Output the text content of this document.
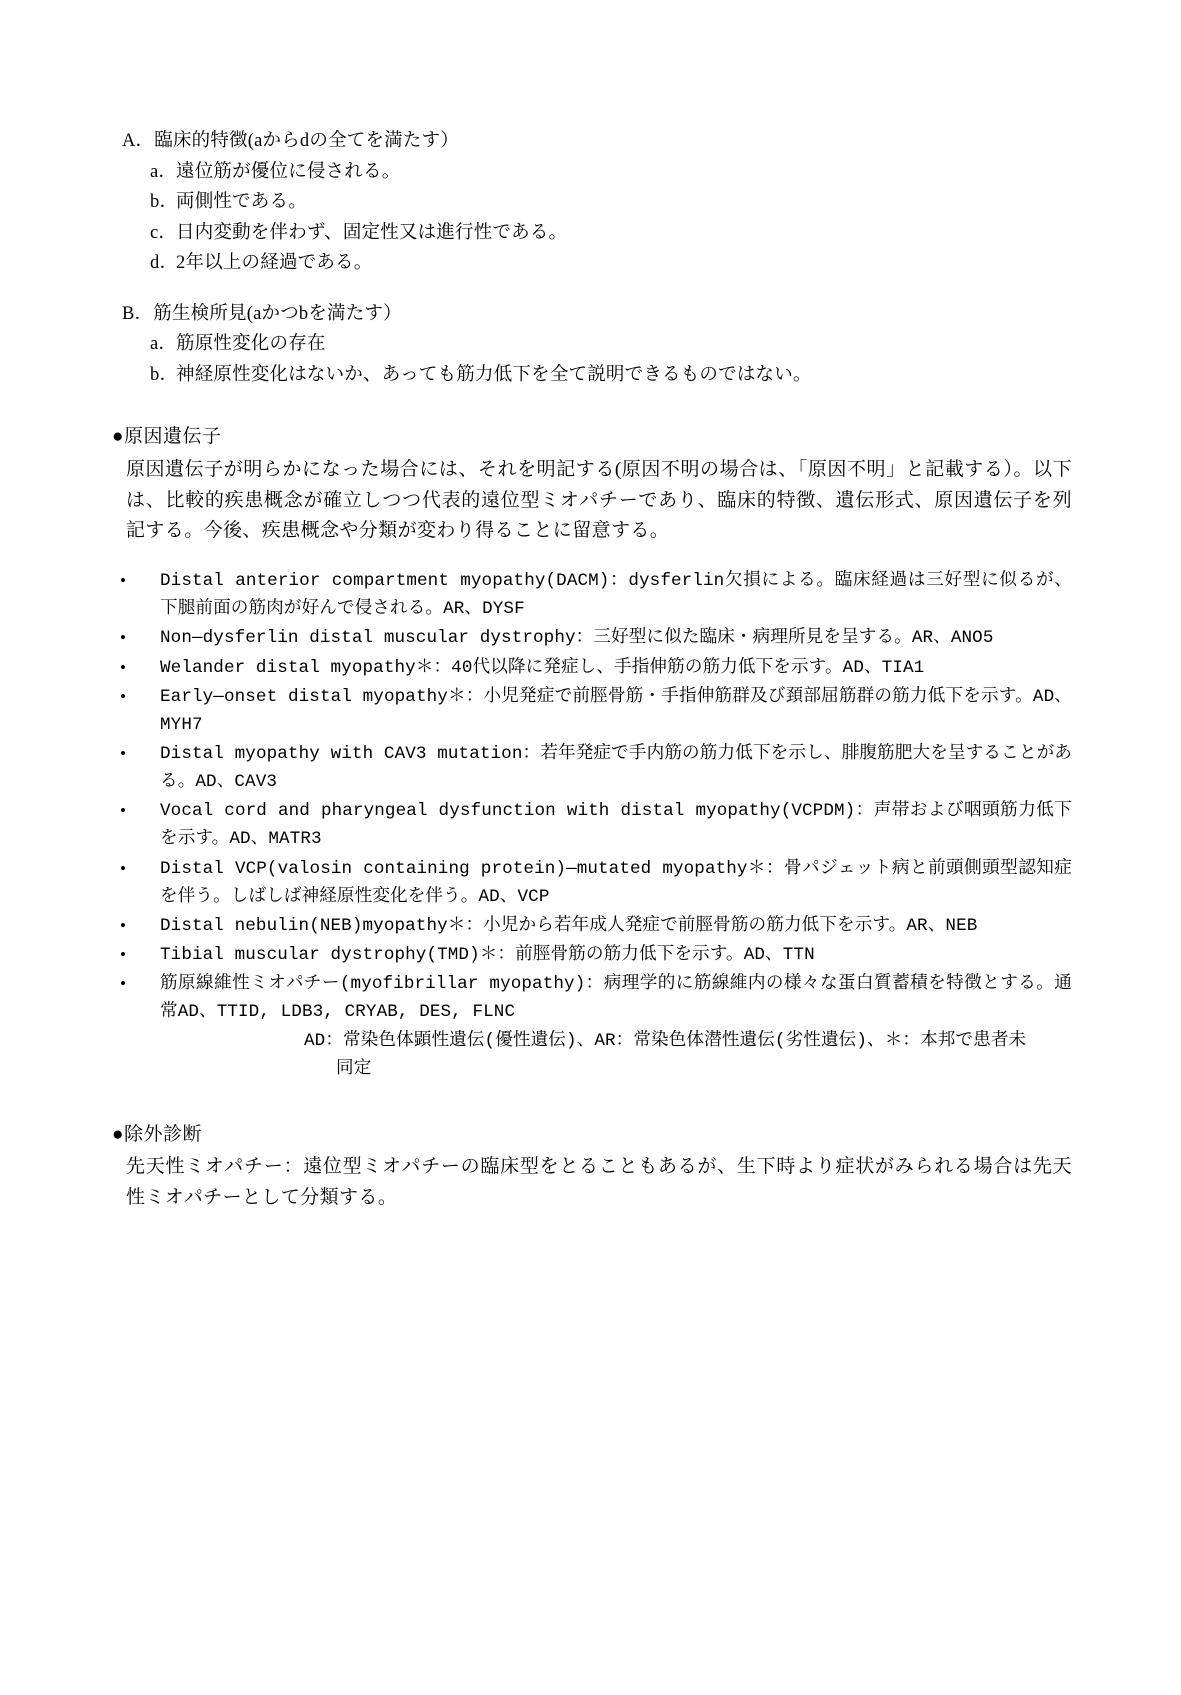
A．臨床的特徴(aからdの全てを満たす）
a．遠位筋が優位に侵される。
b．両側性である。
c．日内変動を伴わず、固定性又は進行性である。
d．2年以上の経過である。
B．筋生検所見(aかつbを満たす）
a．筋原性変化の存在
b．神経原性変化はないか、あっても筋力低下を全て説明できるものではない。
●原因遺伝子
原因遺伝子が明らかになった場合には、それを明記する(原因不明の場合は、「原因不明」と記載する）。以下は、比較的疾患概念が確立しつつ代表的遠位型ミオパチーであり、臨床的特徴、遺伝形式、原因遺伝子を列記する。今後、疾患概念や分類が変わり得ることに留意する。
• Distal anterior compartment myopathy(DACM)：dysferlin欠損による。臨床経過は三好型に似るが、下腿前面の筋肉が好んで侵される。AR、DYSF
• Non—dysferlin distal muscular dystrophy：三好型に似た臨床・病理所見を呈する。AR、ANO5
• Welander distal myopathy＊：40代以降に発症し、手指伸筋の筋力低下を示す。AD、TIA1
• Early—onset distal myopathy＊：小児発症で前脛骨筋・手指伸筋群及び頚部屈筋群の筋力低下を示す。AD、MYH7
• Distal myopathy with CAV3 mutation：若年発症で手内筋の筋力低下を示し、腓腹筋肥大を呈することがある。AD、CAV3
• Vocal cord and pharyngeal dysfunction with distal myopathy(VCPDM)：声帯および咽頭筋力低下を示す。AD、MATR3
• Distal VCP(valosin containing protein)—mutated myopathy＊：骨パジェット病と前頭側頭型認知症を伴う。しばしば神経原性変化を伴う。AD、VCP
• Distal nebulin(NEB)myopathy＊：小児から若年成人発症で前脛骨筋の筋力低下を示す。AR、NEB
• Tibial muscular dystrophy(TMD)＊：前脛骨筋の筋力低下を示す。AD、TTN
• 筋原線維性ミオパチー(myofibrillar myopathy)：病理学的に筋線維内の様々な蛋白質蓄積を特徴とする。通常AD、TTID, LDB3, CRYAB, DES, FLNC
AD：常染色体顕性遺伝(優性遺伝)、AR：常染色体潜性遺伝(劣性遺伝)、＊：本邦で患者未
同定
●除外診断
先天性ミオパチー：遠位型ミオパチーの臨床型をとることもあるが、生下時より症状がみられる場合は先天性ミオパチーとして分類する。
